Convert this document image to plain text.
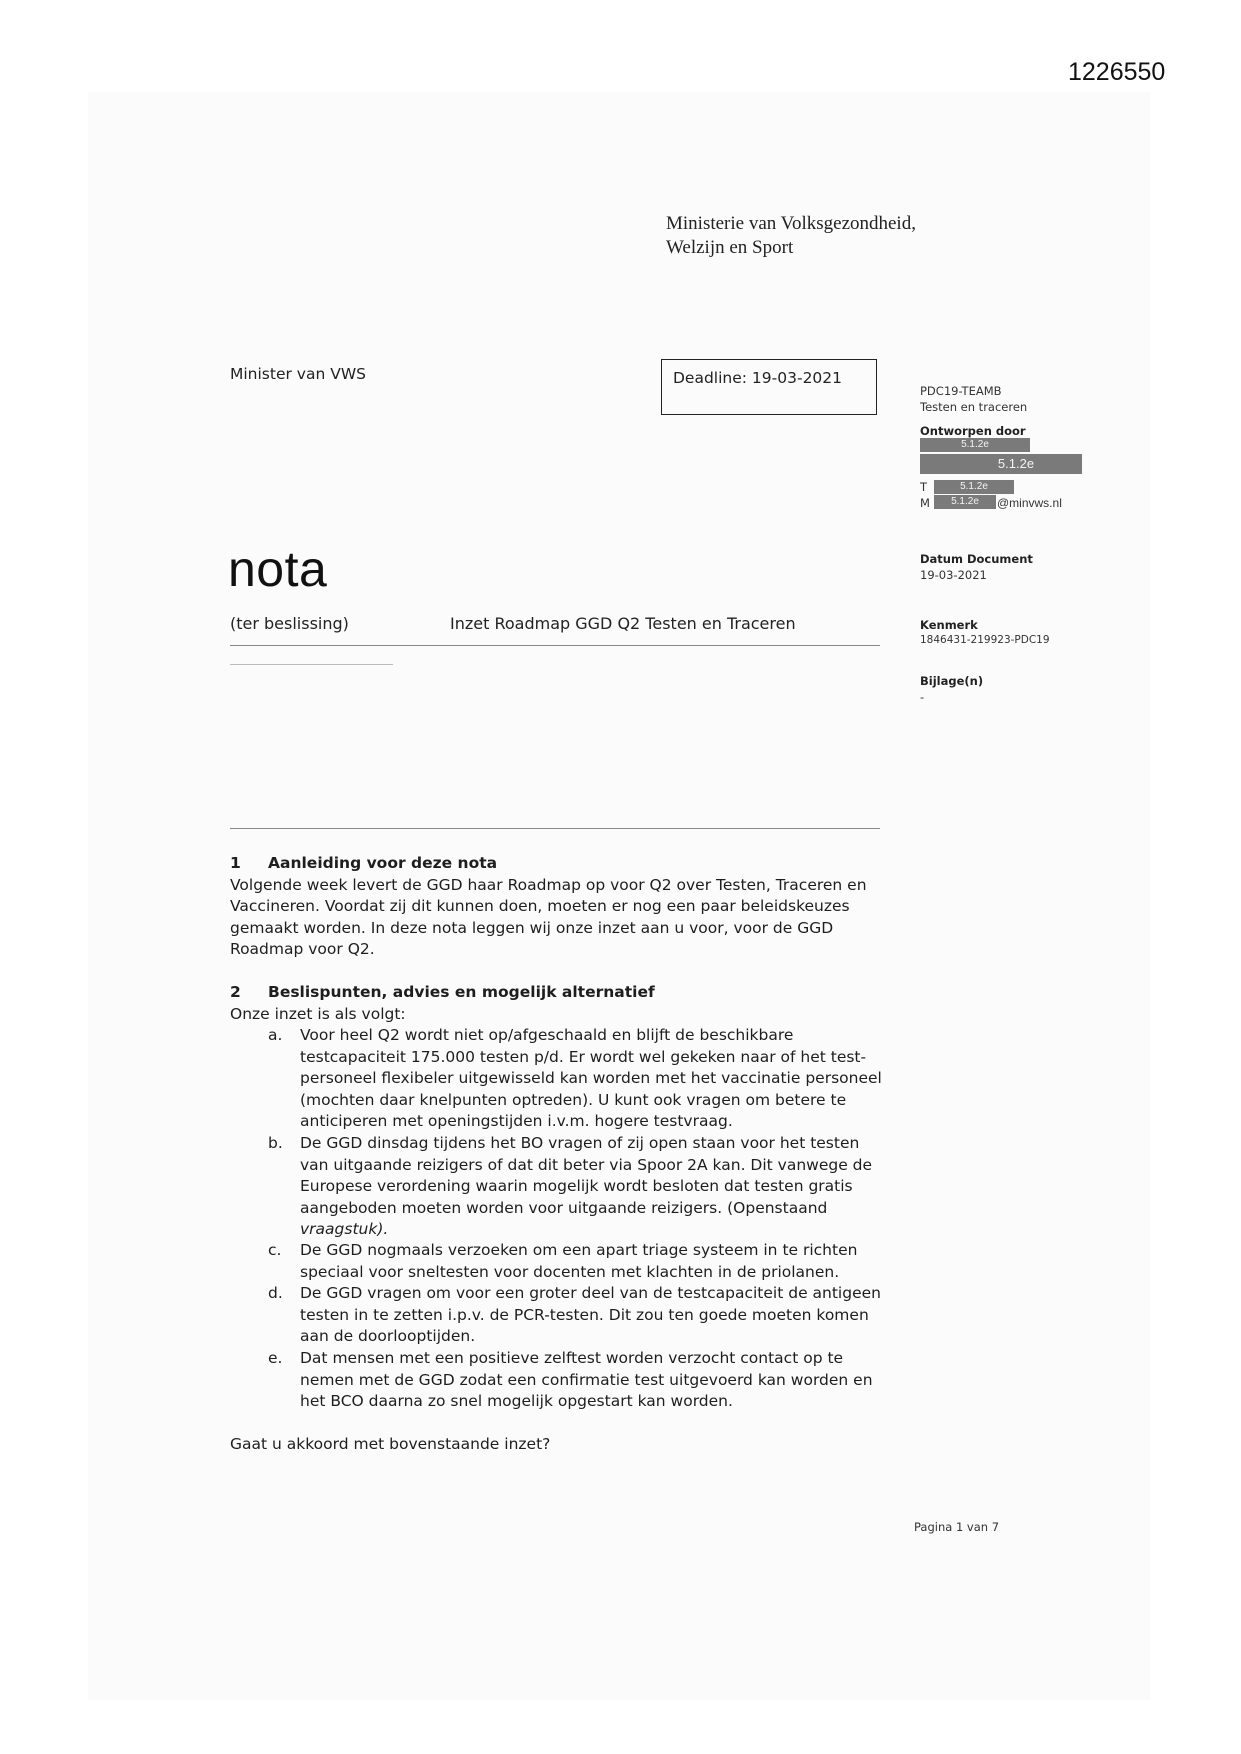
1226550
Ministerie van Volksgezondheid,
Welzijn en Sport
Minister van VWS	Deadline: 19-03-2021
PDC19-TEAMB
Testen en traceren
Ontworpen door
5.1.2e
5.1.2e
T	5.1.2e
M	5.1.2e	@minvws.nl
Datum Document
19-03-2021
Kenmerk
1846431-219923-PDC19
Bijlage(n)
-
nota
(ter beslissing)	Inzet Roadmap GGD Q2 Testen en Traceren
1 Aanleiding voor deze nota
Volgende week levert de GGD haar Roadmap op voor Q2 over Testen, Traceren en
Vaccineren. Voordat zij dit kunnen doen, moeten er nog een paar beleidskeuzes
gemaakt worden. In deze nota leggen wij onze inzet aan u voor, voor de GGD
Roadmap voor Q2.
2 Beslispunten, advies en mogelijk alternatief
Onze inzet is als volgt:
a. Voor heel Q2 wordt niet op/afgeschaald en blijft de beschikbare
testcapaciteit 175.000 testen p/d. Er wordt wel gekeken naar of het test-
personeel flexibeler uitgewisseld kan worden met het vaccinatie personeel
(mochten daar knelpunten optreden). U kunt ook vragen om betere te
anticiperen met openingstijden i.v.m. hogere testvraag.
b. De GGD dinsdag tijdens het BO vragen of zij open staan voor het testen
van uitgaande reizigers of dat dit beter via Spoor 2A kan. Dit vanwege de
Europese verordening waarin mogelijk wordt besloten dat testen gratis
aangeboden moeten worden voor uitgaande reizigers. (Openstaand
vraagstuk).
c. De GGD nogmaals verzoeken om een apart triage systeem in te richten
speciaal voor sneltesten voor docenten met klachten in de priolanen.
d. De GGD vragen om voor een groter deel van de testcapaciteit de antigeen
testen in te zetten i.p.v. de PCR-testen. Dit zou ten goede moeten komen
aan de doorlooptijden.
e. Dat mensen met een positieve zelftest worden verzocht contact op te
nemen met de GGD zodat een confirmatie test uitgevoerd kan worden en
het BCO daarna zo snel mogelijk opgestart kan worden.
Gaat u akkoord met bovenstaande inzet?
Pagina 1 van 7
